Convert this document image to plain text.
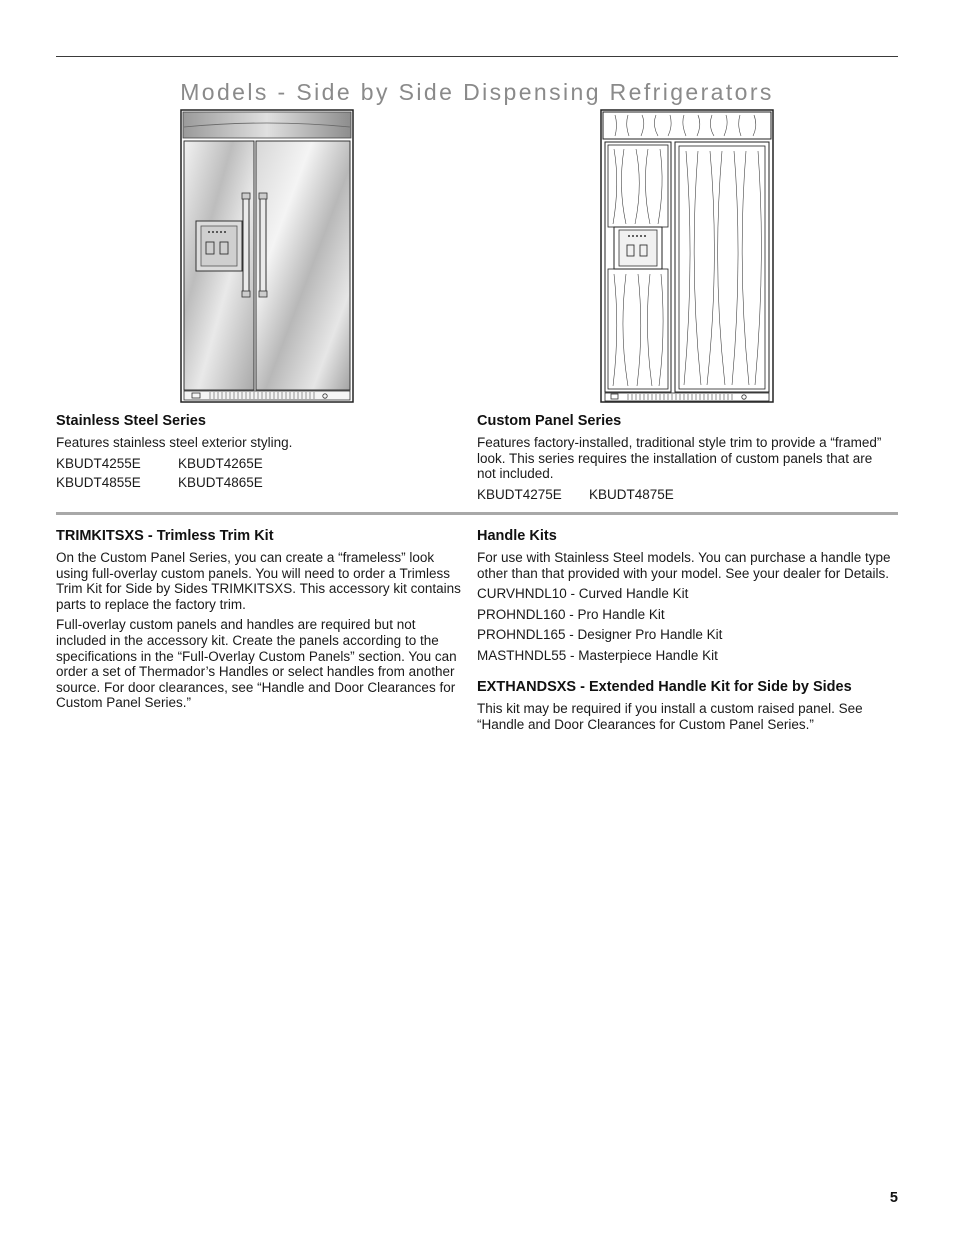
Models - Side by Side Dispensing Refrigerators
Stainless Steel Series

Features stainless steel exterior styling.

KBUDT4255E	KBUDT4265E
KBUDT4855E	KBUDT4865E
Custom Panel Series

Features factory-installed, traditional style trim to provide a “framed” look. This series requires the installation of custom panels that are not included.

KBUDT4275E	KBUDT4875E
TRIMKITSXS - Trimless Trim Kit

On the Custom Panel Series, you can create a “frameless” look using full-overlay custom panels. You will need to order a Trimless Trim Kit for Side by Sides TRIMKITSXS. This accessory kit contains parts to replace the factory trim.

Full-overlay custom panels and handles are required but not included in the accessory kit. Create the panels according to the specifications in the “Full-Overlay Custom Panels” section. You can order a set of Thermador’s Handles or select handles from another source. For door clearances, see “Handle and Door Clearances for Custom Panel Series.”

Handle Kits

For use with Stainless Steel models. You can purchase a handle type other than that provided with your model. See your dealer for Details.

CURVHNDL10 - Curved Handle Kit
PROHNDL160 - Pro Handle Kit
PROHNDL165 - Designer Pro Handle Kit
MASTHNDL55 - Masterpiece Handle Kit
EXTHANDSXS - Extended Handle Kit for Side by Sides

This kit may be required if you install a custom raised panel. See “Handle and Door Clearances for Custom Panel Series.”

5
